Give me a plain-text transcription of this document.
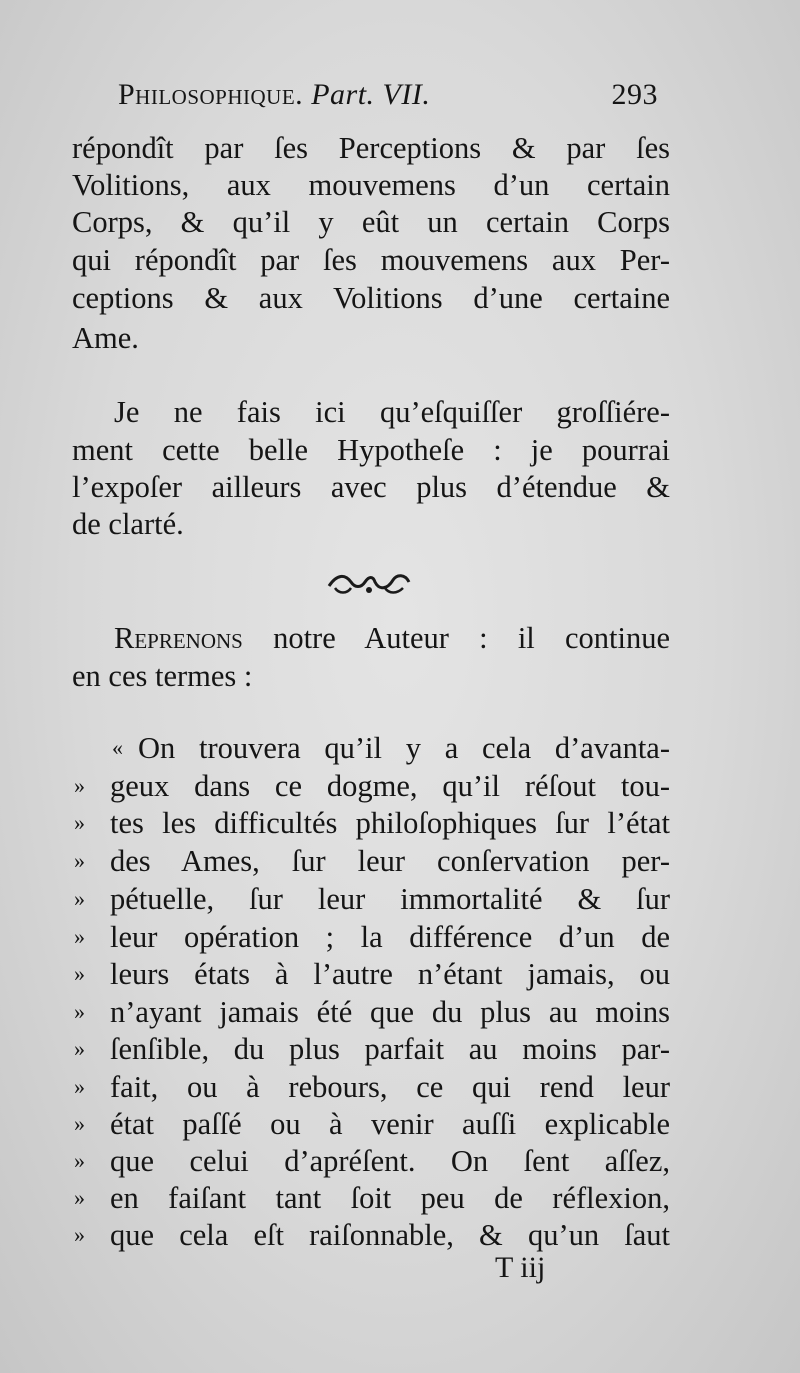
Philosophique. Part. VII.	293
répondît par ſes Perceptions & par ſes
Volitions, aux mouvemens d’un certain
Corps, & qu’il y eût un certain Corps
qui répondît par ſes mouvemens aux Per-
ceptions & aux Volitions d’une certaine
Ame.
Je ne fais ici qu’eſquiſſer groſſiére-
ment cette belle Hypotheſe : je pourrai
l’expoſer ailleurs avec plus d’étendue &
de clarté.
Reprenons notre Auteur : il continue
en ces termes :
« On trouvera qu’il y a cela d’avanta-
» geux dans ce dogme, qu’il réſout tou-
» tes les difficultés philoſophiques ſur l’état
» des Ames, ſur leur conſervation per-
» pétuelle, ſur leur immortalité & ſur
» leur opération ; la différence d’un de
» leurs états à l’autre n’étant jamais, ou
» n’ayant jamais été que du plus au moins
» ſenſible, du plus parfait au moins par-
» fait, ou à rebours, ce qui rend leur
» état paſſé ou à venir auſſi explicable
» que celui d’apréſent. On ſent aſſez,
» en faiſant tant ſoit peu de réflexion,
» que cela eſt raiſonnable, & qu’un ſaut
T iij
